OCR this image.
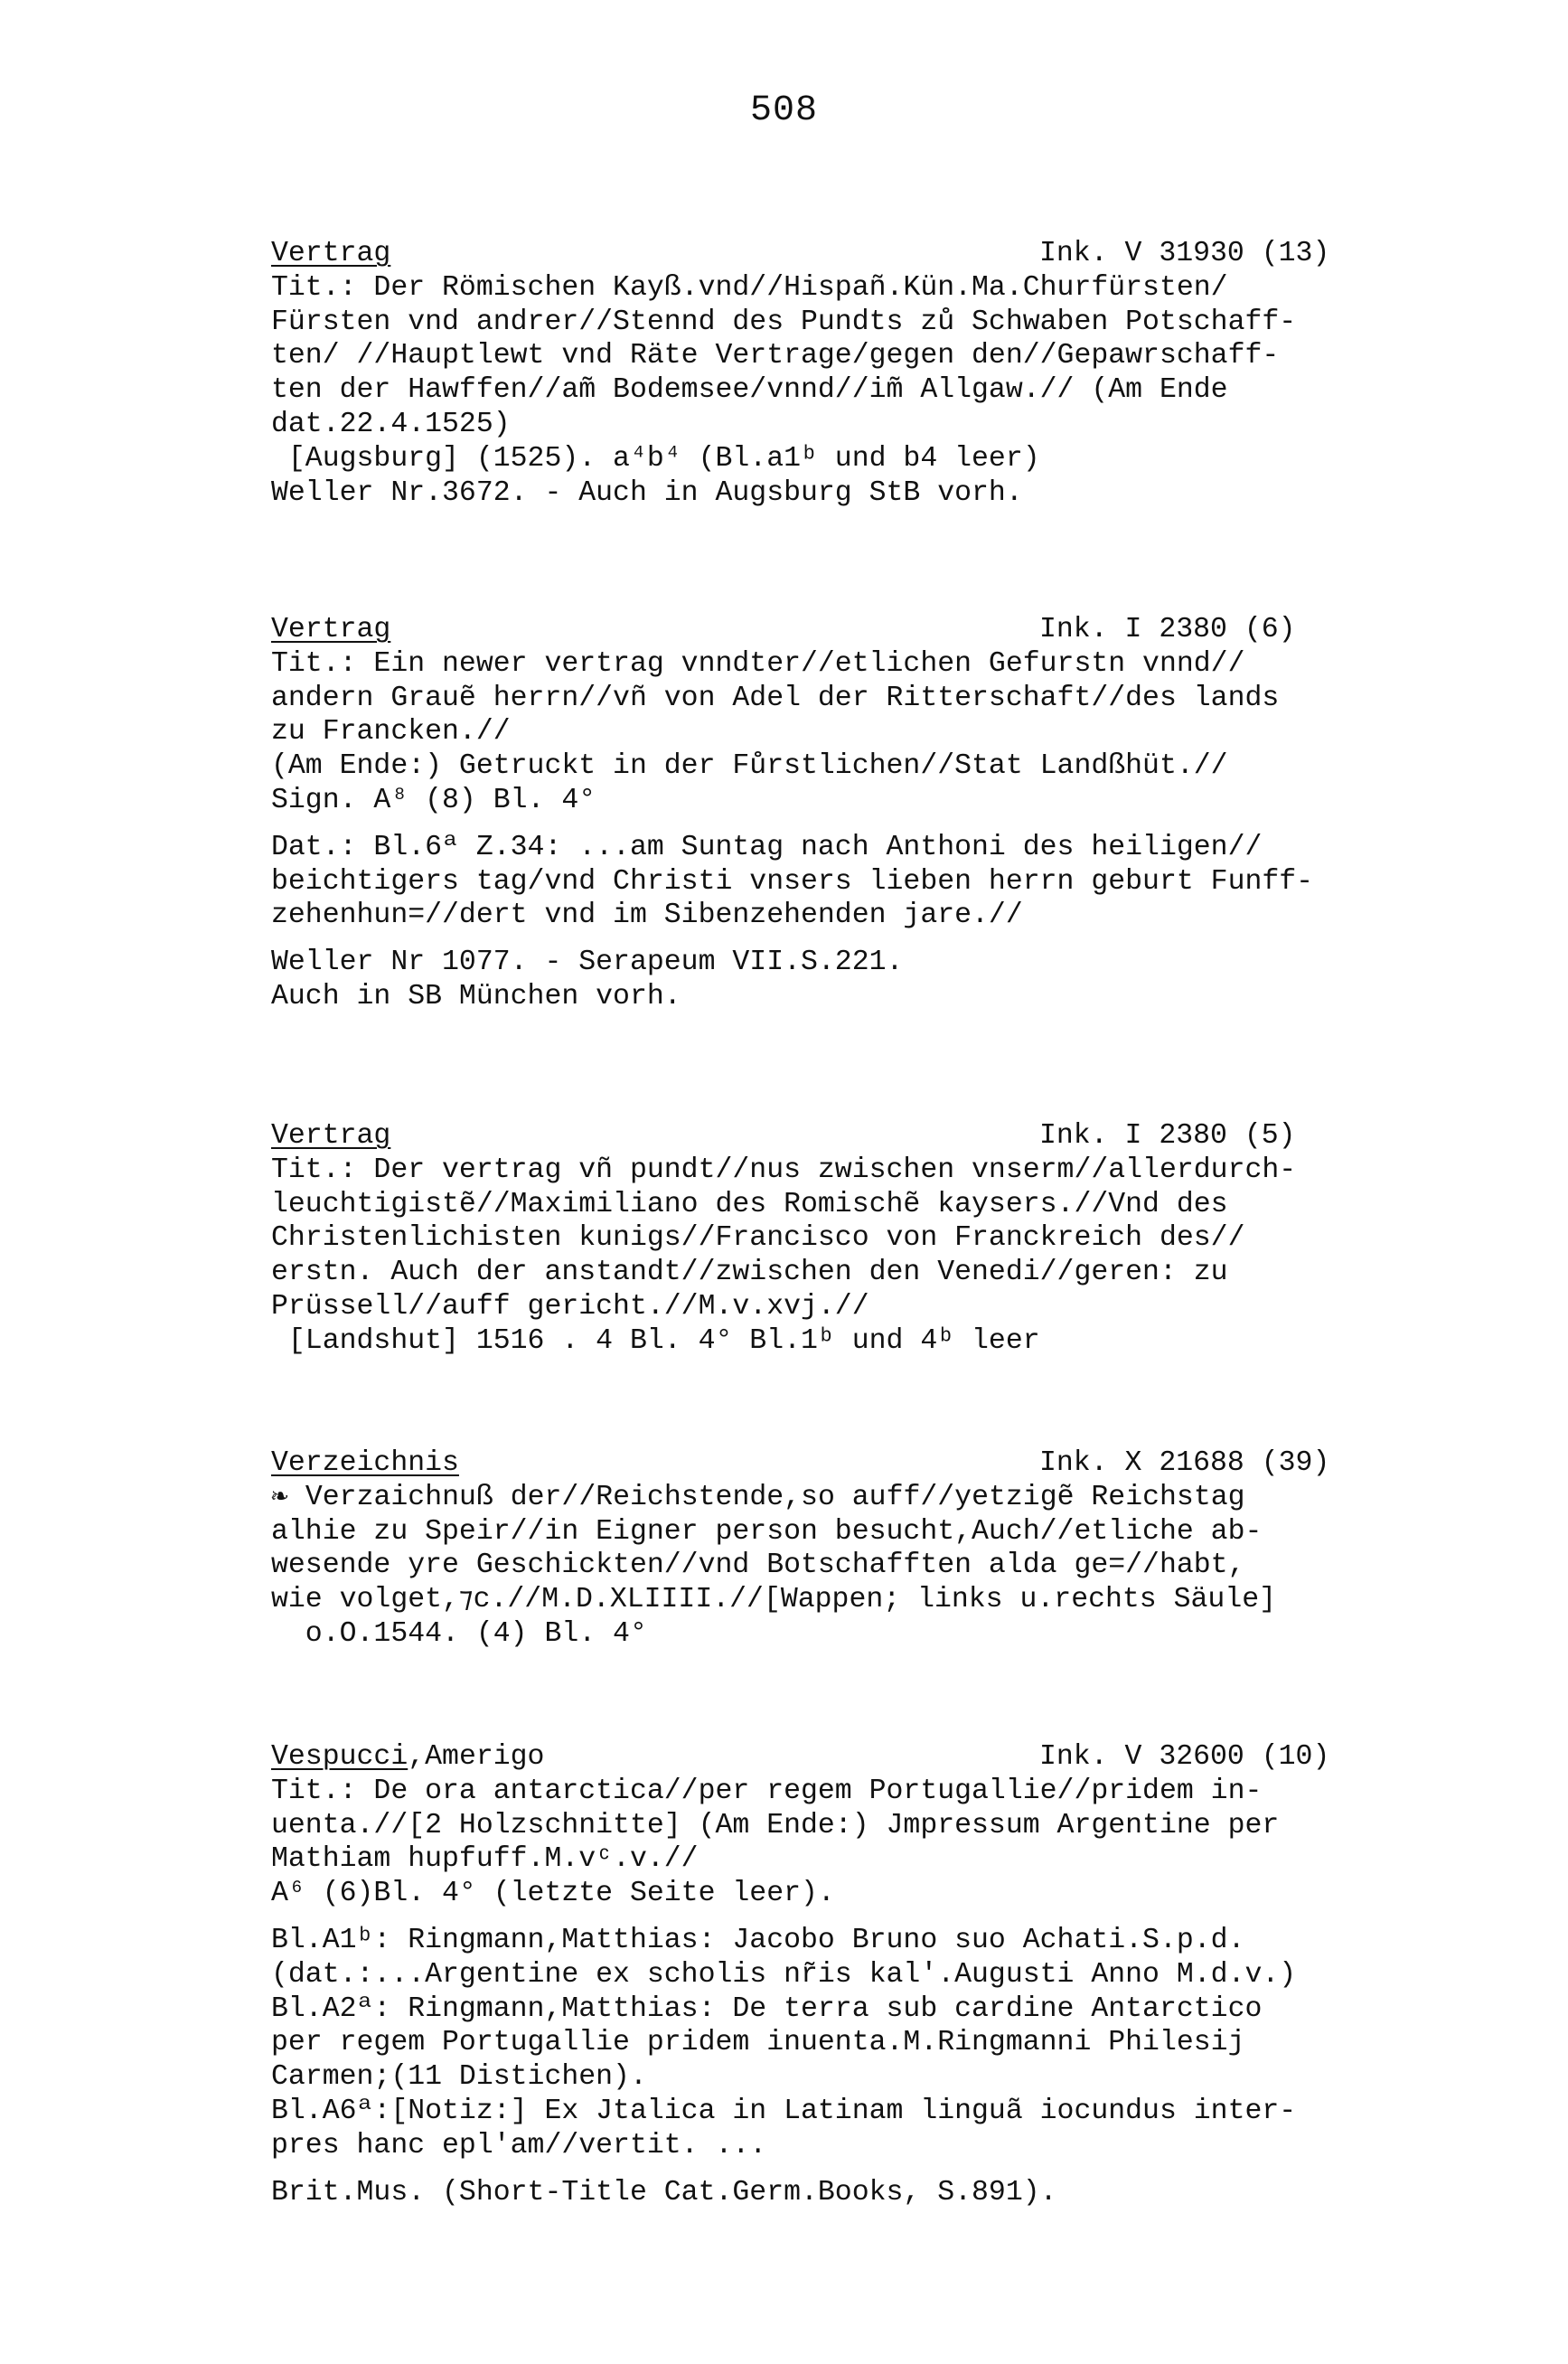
508
Vertrag	Ink. V 31930 (13)
Tit.: Der Römischen Kayß.vnd//Hispañ.Kün.Ma.Churfürsten/
Fürsten vnd andrer//Stennd des Pundts zů Schwaben Potschaff-
ten/ //Hauptlewt vnd Räte Vertrage/gegen den//Gepawrschaff-
ten der Hawffen//am̃ Bodemsee/vnnd//im̃ Allgaw.// (Am Ende
dat.22.4.1525)
[Augsburg] (1525). a⁴b⁴ (Bl.a1ᵇ und b4 leer)
Weller Nr.3672. - Auch in Augsburg StB vorh.
Vertrag	Ink. I 2380 (6)
Tit.: Ein newer vertrag vnndter//etlichen Gefurstn vnnd//
andern Grauẽ herrn//vñ von Adel der Ritterschaft//des lands
zu Francken.//
(Am Ende:) Getruckt in der Fůrstlichen//Stat Landßhüt.//
Sign. A⁸ (8) Bl. 4°
Dat.: Bl.6ª Z.34: ...am Suntag nach Anthoni des heiligen//
beichtigers tag/vnd Christi vnsers lieben herrn geburt Funff-
zehenhun=//dert vnd im Sibenzehenden jare.//
Weller Nr 1077. - Serapeum VII.S.221.
Auch in SB München vorh.
Vertrag	Ink. I 2380 (5)
Tit.: Der vertrag vñ pundt//nus zwischen vnserm//allerdurch-
leuchtigistẽ//Maximiliano des Romischẽ kaysers.//Vnd des
Christenlichisten kunigs//Francisco von Franckreich des//
erstn. Auch der anstandt//zwischen den Venedi//geren: zu
Prüssell//auff gericht.//M.v.xvj.//
[Landshut] 1516 . 4 Bl. 4° Bl.1ᵇ und 4ᵇ leer
Verzeichnis	Ink. X 21688 (39)
❧ Verzaichnuß der//Reichstende,so auff//yetzigẽ Reichstag
alhie zu Speir//in Eigner person besucht,Auch//etliche ab-
wesende yre Geschickten//vnd Botschafften alda ge=//habt,
wie volget,⁊c.//M.D.XLIIII.//[Wappen; links u.rechts Säule]
o.O.1544. (4) Bl. 4°
Vespucci,Amerigo	Ink. V 32600 (10)
Tit.: De ora antarctica//per regem Portugallie//pridem in-
uenta.//[2 Holzschnitte] (Am Ende:) Jmpressum Argentine per
Mathiam hupfuff.M.vᶜ.v.//
A⁶ (6)Bl. 4° (letzte Seite leer).
Bl.A1ᵇ: Ringmann,Matthias: Jacobo Bruno suo Achati.S.p.d.
(dat.:...Argentine ex scholis nr̃is kal'.Augusti Anno M.d.v.)
Bl.A2ª: Ringmann,Matthias: De terra sub cardine Antarctico
per regem Portugallie pridem inuenta.M.Ringmanni Philesij
Carmen;(11 Distichen).
Bl.A6ª:[Notiz:] Ex Jtalica in Latinam linguã iocundus inter-
pres hanc epl'am//vertit. ...
Brit.Mus. (Short-Title Cat.Germ.Books, S.891).
